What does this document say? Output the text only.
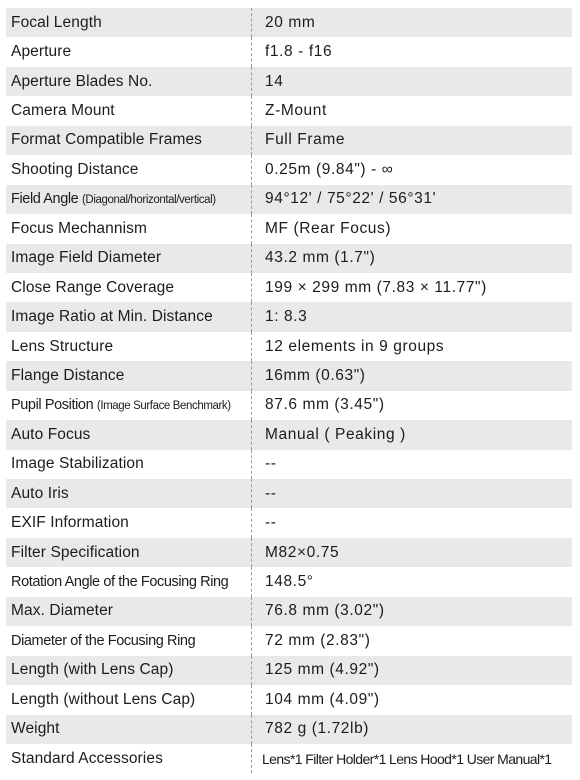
Focal Length	20 mm
Aperture	f1.8 - f16
Aperture Blades No.	14
Camera Mount	Z-Mount
Format Compatible Frames	Full Frame
Shooting Distance	0.25m (9.84") - ∞
Field Angle (Diagonal/horizontal/vertical)	94°12' / 75°22' / 56°31'
Focus Mechannism	MF (Rear Focus)
Image Field Diameter	43.2 mm (1.7")
Close Range Coverage	199 × 299 mm (7.83 × 11.77")
Image Ratio at Min. Distance	1: 8.3
Lens Structure	12 elements in 9 groups
Flange Distance	16mm (0.63")
Pupil Position (Image Surface Benchmark)	87.6 mm (3.45")
Auto Focus	Manual ( Peaking )
Image Stabilization	--
Auto Iris	--
EXIF Information	--
Filter Specification	M82×0.75
Rotation Angle of the Focusing Ring	148.5°
Max. Diameter	76.8 mm (3.02")
Diameter of the Focusing Ring	72 mm (2.83")
Length (with Lens Cap)	125 mm (4.92")
Length (without Lens Cap)	104 mm (4.09")
Weight	782 g (1.72lb)
Standard Accessories	Lens*1 Filter Holder*1 Lens Hood*1 User Manual*1
